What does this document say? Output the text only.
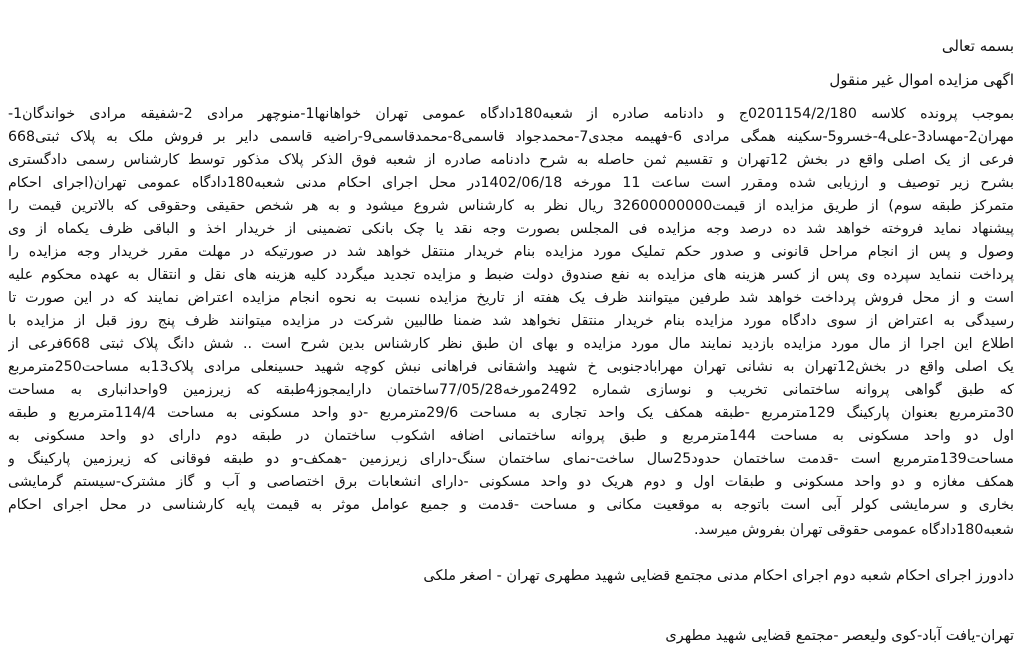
بسمه تعالی
اگهی مزایده اموال غیر منقول
بموجب پرونده کلاسه 0201154/2/180ج و دادنامه صادره از شعبه180دادگاه عمومی تهران خواهانها1-منوچهر مرادی 2-شفیقه مرادی خواندگان1-
مهران2-مهساد3-علی4-خسرو5-سکینه همگی مرادی 6-فهیمه مجدی7-محمدجواد قاسمی8-محمدقاسمی9-راضیه قاسمی دایر بر فروش ملک به پلاک ثبتی668
فرعی از یک اصلی واقع در بخش 12تهران و تقسیم ثمن حاصله به شرح دادنامه صادره از شعبه فوق الذکر پلاک مذکور توسط کارشناس رسمی دادگستری
بشرح زیر توصیف و ارزیابی شده ومقرر است ساعت 11 مورخه 1402/06/18در محل اجرای احکام مدنی شعبه180دادگاه عمومی تهران(اجرای احکام
متمرکز طبقه سوم) از طریق مزایده از قیمت32600000000 ریال نظر به کارشناس شروع میشود و به هر شخص حقیقی وحقوقی که بالاترین قیمت را
پیشنهاد نماید فروخته خواهد شد ده درصد وجه مزایده فی المجلس بصورت وجه نقد یا چک بانکی تضمینی از خریدار اخذ و الباقی ظرف یکماه از وی
وصول و پس از انجام مراحل قانونی و صدور حکم تملیک مورد مزایده بنام خریدار منتقل خواهد شد در صورتیکه در مهلت مقرر خریدار وجه مزایده را
پرداخت ننماید سپرده وی پس از کسر هزینه های مزایده به نفع صندوق دولت ضبط و مزایده تجدید میگردد کلیه هزینه های نقل و انتقال به عهده محکوم علیه
است و از محل فروش پرداخت خواهد شد طرفین میتوانند ظرف یک هفته از تاریخ مزایده نسبت به نحوه انجام مزایده اعتراض نمایند که در این صورت تا
رسیدگی به اعتراض از سوی دادگاه مورد مزایده بنام خریدار منتقل نخواهد شد ضمنا طالبین شرکت در مزایده میتوانند ظرف پنج روز قبل از مزایده با
اطلاع این اجرا از مال مورد مزایده بازدید نمایند مال مورد مزایده و بهای ان طبق نظر کارشناس بدین شرح است .. شش دانگ پلاک ثبتی 668فرعی از
یک اصلی واقع در بخش12تهران به نشانی تهران مهرابادجنوبی خ شهید واشقانی فراهانی نبش کوچه شهید حسینعلی مرادی پلاک13به مساحت250مترمربع
که طبق گواهی پروانه ساختمانی تخریب و نوسازی شماره 2492مورخه77/05/28ساختمان دارایمجوز4طبقه که زیرزمین 9واحدانباری به مساحت
30مترمربع بعنوان پارکینگ 129مترمربع -طبقه همکف یک واحد تجاری به مساحت 29/6مترمربع -دو واحد مسکونی به مساحت 114/4مترمربع و طبقه
اول دو واحد مسکونی به مساحت 144مترمربع و طبق پروانه ساختمانی اضافه اشکوب ساختمان در طبقه دوم دارای دو واحد مسکونی به
مساحت139مترمربع است -قدمت ساختمان حدود25سال ساخت-نمای ساختمان سنگ-دارای زیرزمین -همکف-و دو طبقه فوقانی که زیرزمین پارکینگ و
همکف مغازه و دو واحد مسکونی و طبقات اول و دوم هریک دو واحد مسکونی -دارای انشعابات برق اختصاصی و آب و گاز مشترک-سیستم گرمایشی
بخاری و سرمایشی کولر آبی است باتوجه به موقعیت مکانی و مساحت -قدمت و جمیع عوامل موثر به قیمت پایه کارشناسی در محل اجرای احکام
شعبه180دادگاه عمومی حقوقی تهران بفروش میرسد.
دادورز اجرای احکام شعبه دوم اجرای احکام مدنی مجتمع قضایی شهید مطهری تهران - اصغر ملکی
تهران-یافت آباد-کوی ولیعصر -مجتمع قضایی شهید مطهری
